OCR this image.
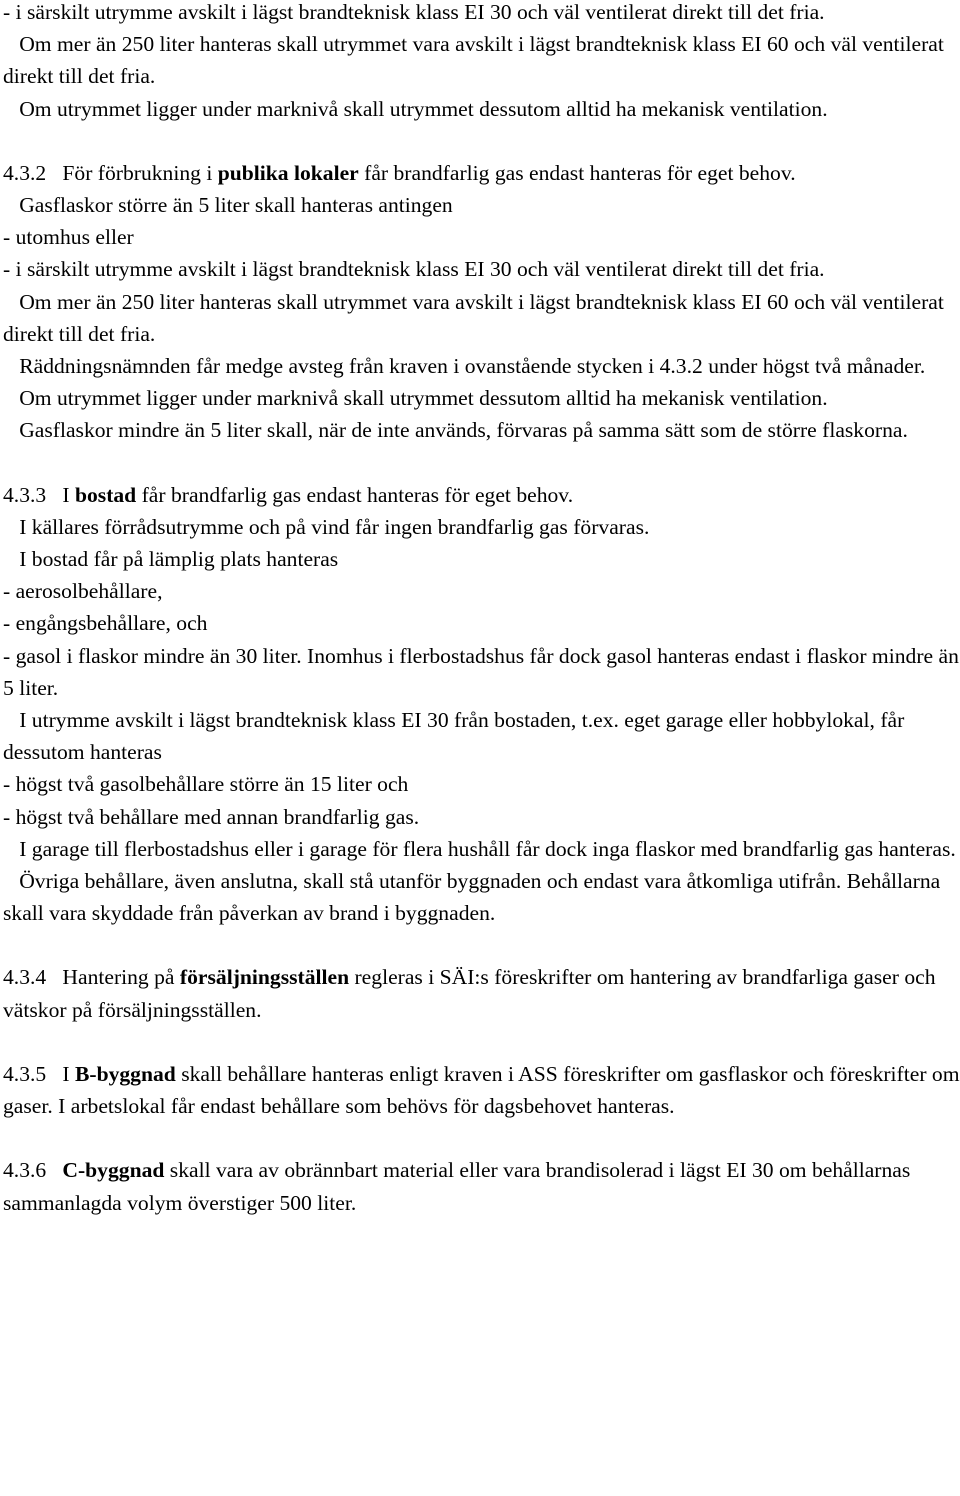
- i särskilt utrymme avskilt i lägst brandteknisk klass EI 30 och väl ventilerat direkt till det fria.

Om mer än 250 liter hanteras skall utrymmet vara avskilt i lägst brandteknisk klass EI 60 och väl ventilerat direkt till det fria.

Om utrymmet ligger under marknivå skall utrymmet dessutom alltid ha mekanisk ventilation.

4.3.2 För förbrukning i publika lokaler får brandfarlig gas endast hanteras för eget behov.

Gasflaskor större än 5 liter skall hanteras antingen

- utomhus eller

- i särskilt utrymme avskilt i lägst brandteknisk klass EI 30 och väl ventilerat direkt till det fria.

Om mer än 250 liter hanteras skall utrymmet vara avskilt i lägst brandteknisk klass EI 60 och väl ventilerat direkt till det fria.

Räddningsnämnden får medge avsteg från kraven i ovanstående stycken i 4.3.2 under högst två månader.

Om utrymmet ligger under marknivå skall utrymmet dessutom alltid ha mekanisk ventilation.

Gasflaskor mindre än 5 liter skall, när de inte används, förvaras på samma sätt som de större flaskorna.

4.3.3 I bostad får brandfarlig gas endast hanteras för eget behov.

I källares förrådsutrymme och på vind får ingen brandfarlig gas förvaras.

I bostad får på lämplig plats hanteras

- aerosolbehållare,

- engångsbehållare, och

- gasol i flaskor mindre än 30 liter. Inomhus i flerbostadshus får dock gasol hanteras endast i flaskor mindre än 5 liter.

I utrymme avskilt i lägst brandteknisk klass EI 30 från bostaden, t.ex. eget garage eller hobbylokal, får dessutom hanteras

- högst två gasolbehållare större än 15 liter och

- högst två behållare med annan brandfarlig gas.

I garage till flerbostadshus eller i garage för flera hushåll får dock inga flaskor med brandfarlig gas hanteras.

Övriga behållare, även anslutna, skall stå utanför byggnaden och endast vara åtkomliga utifrån. Behållarna skall vara skyddade från påverkan av brand i byggnaden.

4.3.4 Hantering på försäljningsställen regleras i SÄI:s föreskrifter om hantering av brandfarliga gaser och vätskor på försäljningsställen.

4.3.5 I B-byggnad skall behållare hanteras enligt kraven i ASS föreskrifter om gasflaskor och föreskrifter om gaser. I arbetslokal får endast behållare som behövs för dagsbehovet hanteras.

4.3.6 C-byggnad skall vara av obrännbart material eller vara brandisolerad i lägst EI 30 om behållarnas sammanlagda volym överstiger 500 liter.
